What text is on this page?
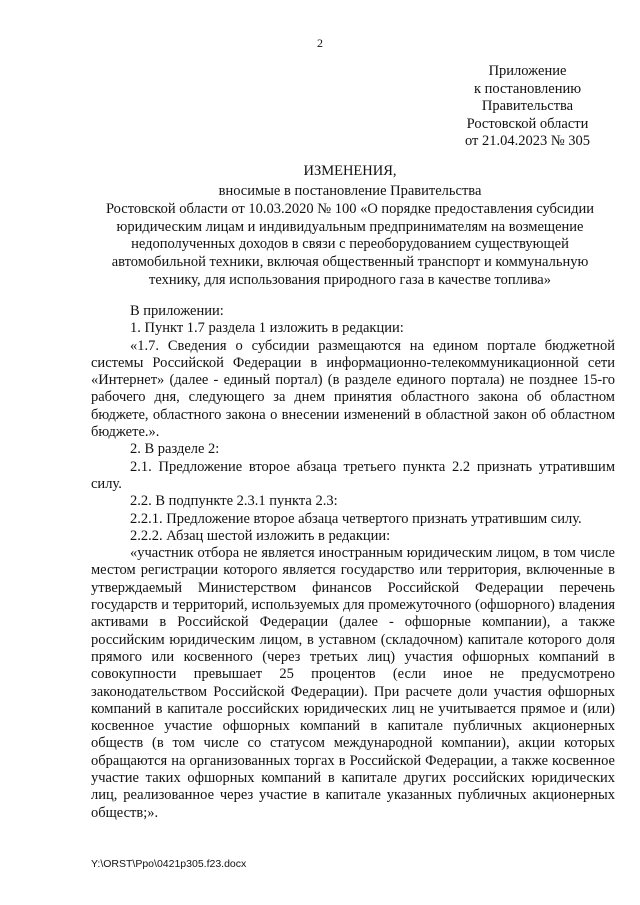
2
Приложение
к постановлению
Правительства
Ростовской области
от 21.04.2023 № 305
ИЗМЕНЕНИЯ,
вносимые в постановление Правительства
Ростовской области от 10.03.2020 № 100 «О порядке предоставления субсидии
юридическим лицам и индивидуальным предпринимателям на возмещение
недополученных доходов в связи с переоборудованием существующей
автомобильной техники, включая общественный транспорт и коммунальную
технику, для использования природного газа в качестве топлива»

В приложении:

1. Пункт 1.7 раздела 1 изложить в редакции:

«1.7. Сведения о субсидии размещаются на едином портале бюджетной системы Российской Федерации в информационно-телекоммуникационной сети «Интернет» (далее - единый портал) (в разделе единого портала) не позднее 15-го рабочего дня, следующего за днем принятия областного закона об областном бюджете, областного закона о внесении изменений в областной закон об областном бюджете.».

2. В разделе 2:

2.1. Предложение второе абзаца третьего пункта 2.2 признать утратившим силу.

2.2. В подпункте 2.3.1 пункта 2.3:

2.2.1. Предложение второе абзаца четвертого признать утратившим силу.

2.2.2. Абзац шестой изложить в редакции:

«участник отбора не является иностранным юридическим лицом, в том числе местом регистрации которого является государство или территория, включенные в утверждаемый Министерством финансов Российской Федерации перечень государств и территорий, используемых для промежуточного (офшорного) владения активами в Российской Федерации (далее - офшорные компании), а также российским юридическим лицом, в уставном (складочном) капитале которого доля прямого или косвенного (через третьих лиц) участия офшорных компаний в совокупности превышает 25 процентов (если иное не предусмотрено законодательством Российской Федерации). При расчете доли участия офшорных компаний в капитале российских юридических лиц не учитывается прямое и (или) косвенное участие офшорных компаний в капитале публичных акционерных обществ (в том числе со статусом международной компании), акции которых обращаются на организованных торгах в Российской Федерации, а также косвенное участие таких офшорных компаний в капитале других российских юридических лиц, реализованное через участие в капитале указанных публичных акционерных обществ;».

Y:\ORST\Ppo\0421p305.f23.docx
